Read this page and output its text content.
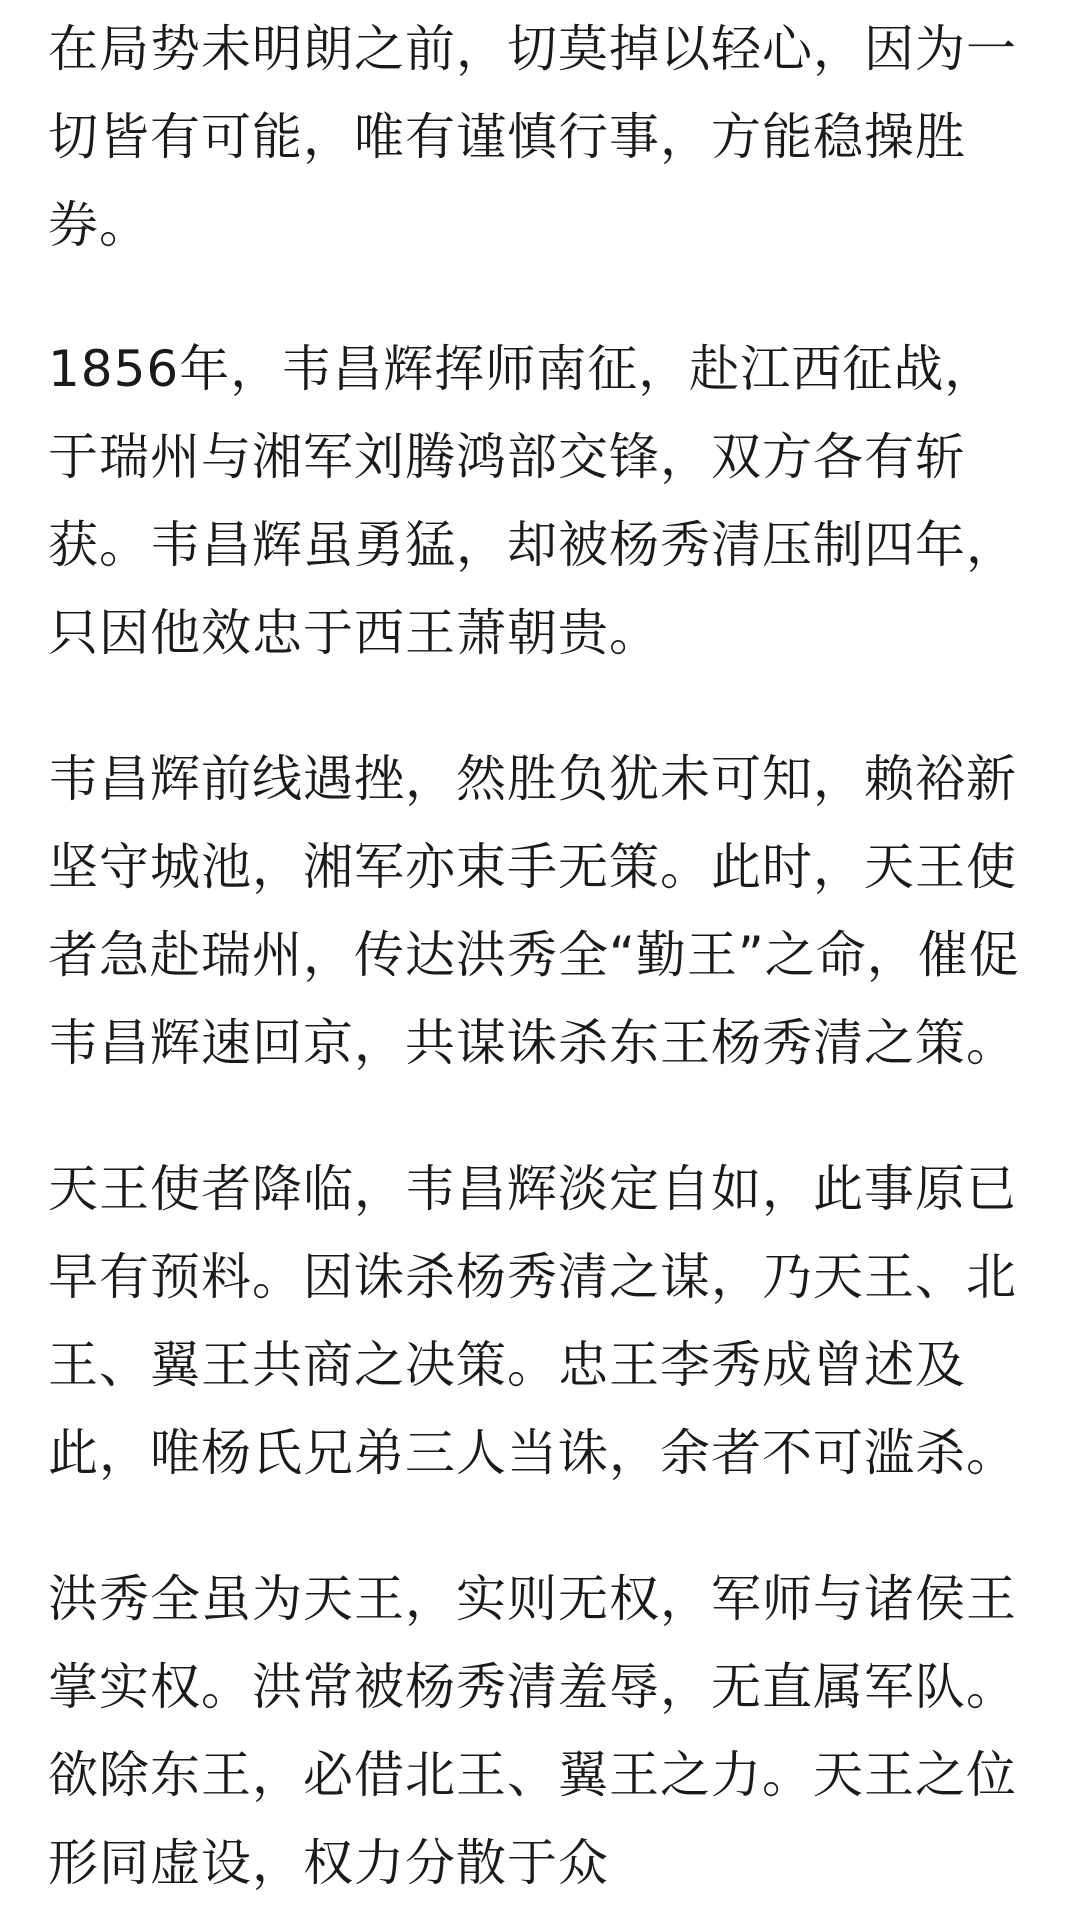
在局势未明朗之前，切莫掉以轻心，因为一
切皆有可能，唯有谨慎行事，方能稳操胜
券。
1856年，韦昌辉挥师南征，赴江西征战，
于瑞州与湘军刘腾鸿部交锋，双方各有斩
获。韦昌辉虽勇猛，却被杨秀清压制四年，
只因他效忠于西王萧朝贵。
韦昌辉前线遇挫，然胜负犹未可知，赖裕新
坚守城池，湘军亦束手无策。此时，天王使
者急赴瑞州，传达洪秀全“勤王”之命，催促
韦昌辉速回京，共谋诛杀东王杨秀清之策。
天王使者降临，韦昌辉淡定自如，此事原已
早有预料。因诛杀杨秀清之谋，乃天王、北
王、翼王共商之决策。忠王李秀成曾述及
此，唯杨氏兄弟三人当诛，余者不可滥杀。
洪秀全虽为天王，实则无权，军师与诸侯王
掌实权。洪常被杨秀清羞辱，无直属军队。
欲除东王，必借北王、翼王之力。天王之位
形同虚设，权力分散于众
